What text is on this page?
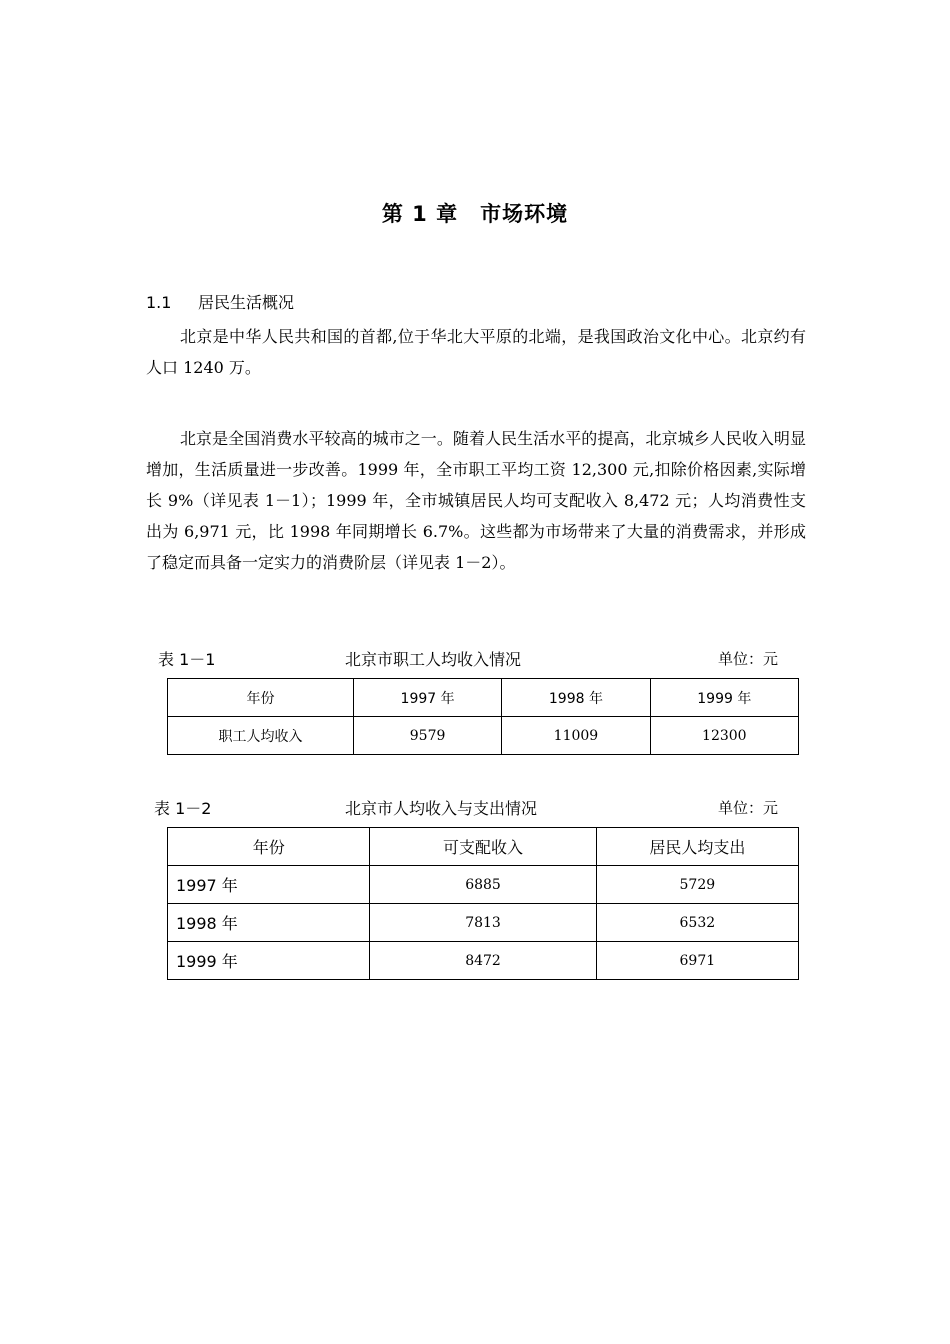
第 1 章　市场环境
1.1 居民生活概况

北京是中华人民共和国的首都,位于华北大平原的北端，是我国政治文化中心。北京约有人口 1240 万。

北京是全国消费水平较高的城市之一。随着人民生活水平的提高，北京城乡人民收入明显增加，生活质量进一步改善。1999 年，全市职工平均工资 12,300 元,扣除价格因素,实际增长 9%（详见表 1－1）；1999 年，全市城镇居民人均可支配收入 8,472 元；人均消费性支出为 6,971 元，比 1998 年同期增长 6.7%。这些都为市场带来了大量的消费需求，并形成了稳定而具备一定实力的消费阶层（详见表 1－2）。

表 1－1	北京市职工人均收入情况	单位：元
年份	1997 年	1998 年	1999 年
职工人均收入	9579	11009	12300
表 1－2	北京市人均收入与支出情况	单位：元
年份	可支配收入	居民人均支出
1997 年	6885	5729
1998 年	7813	6532
1999 年	8472	6971
